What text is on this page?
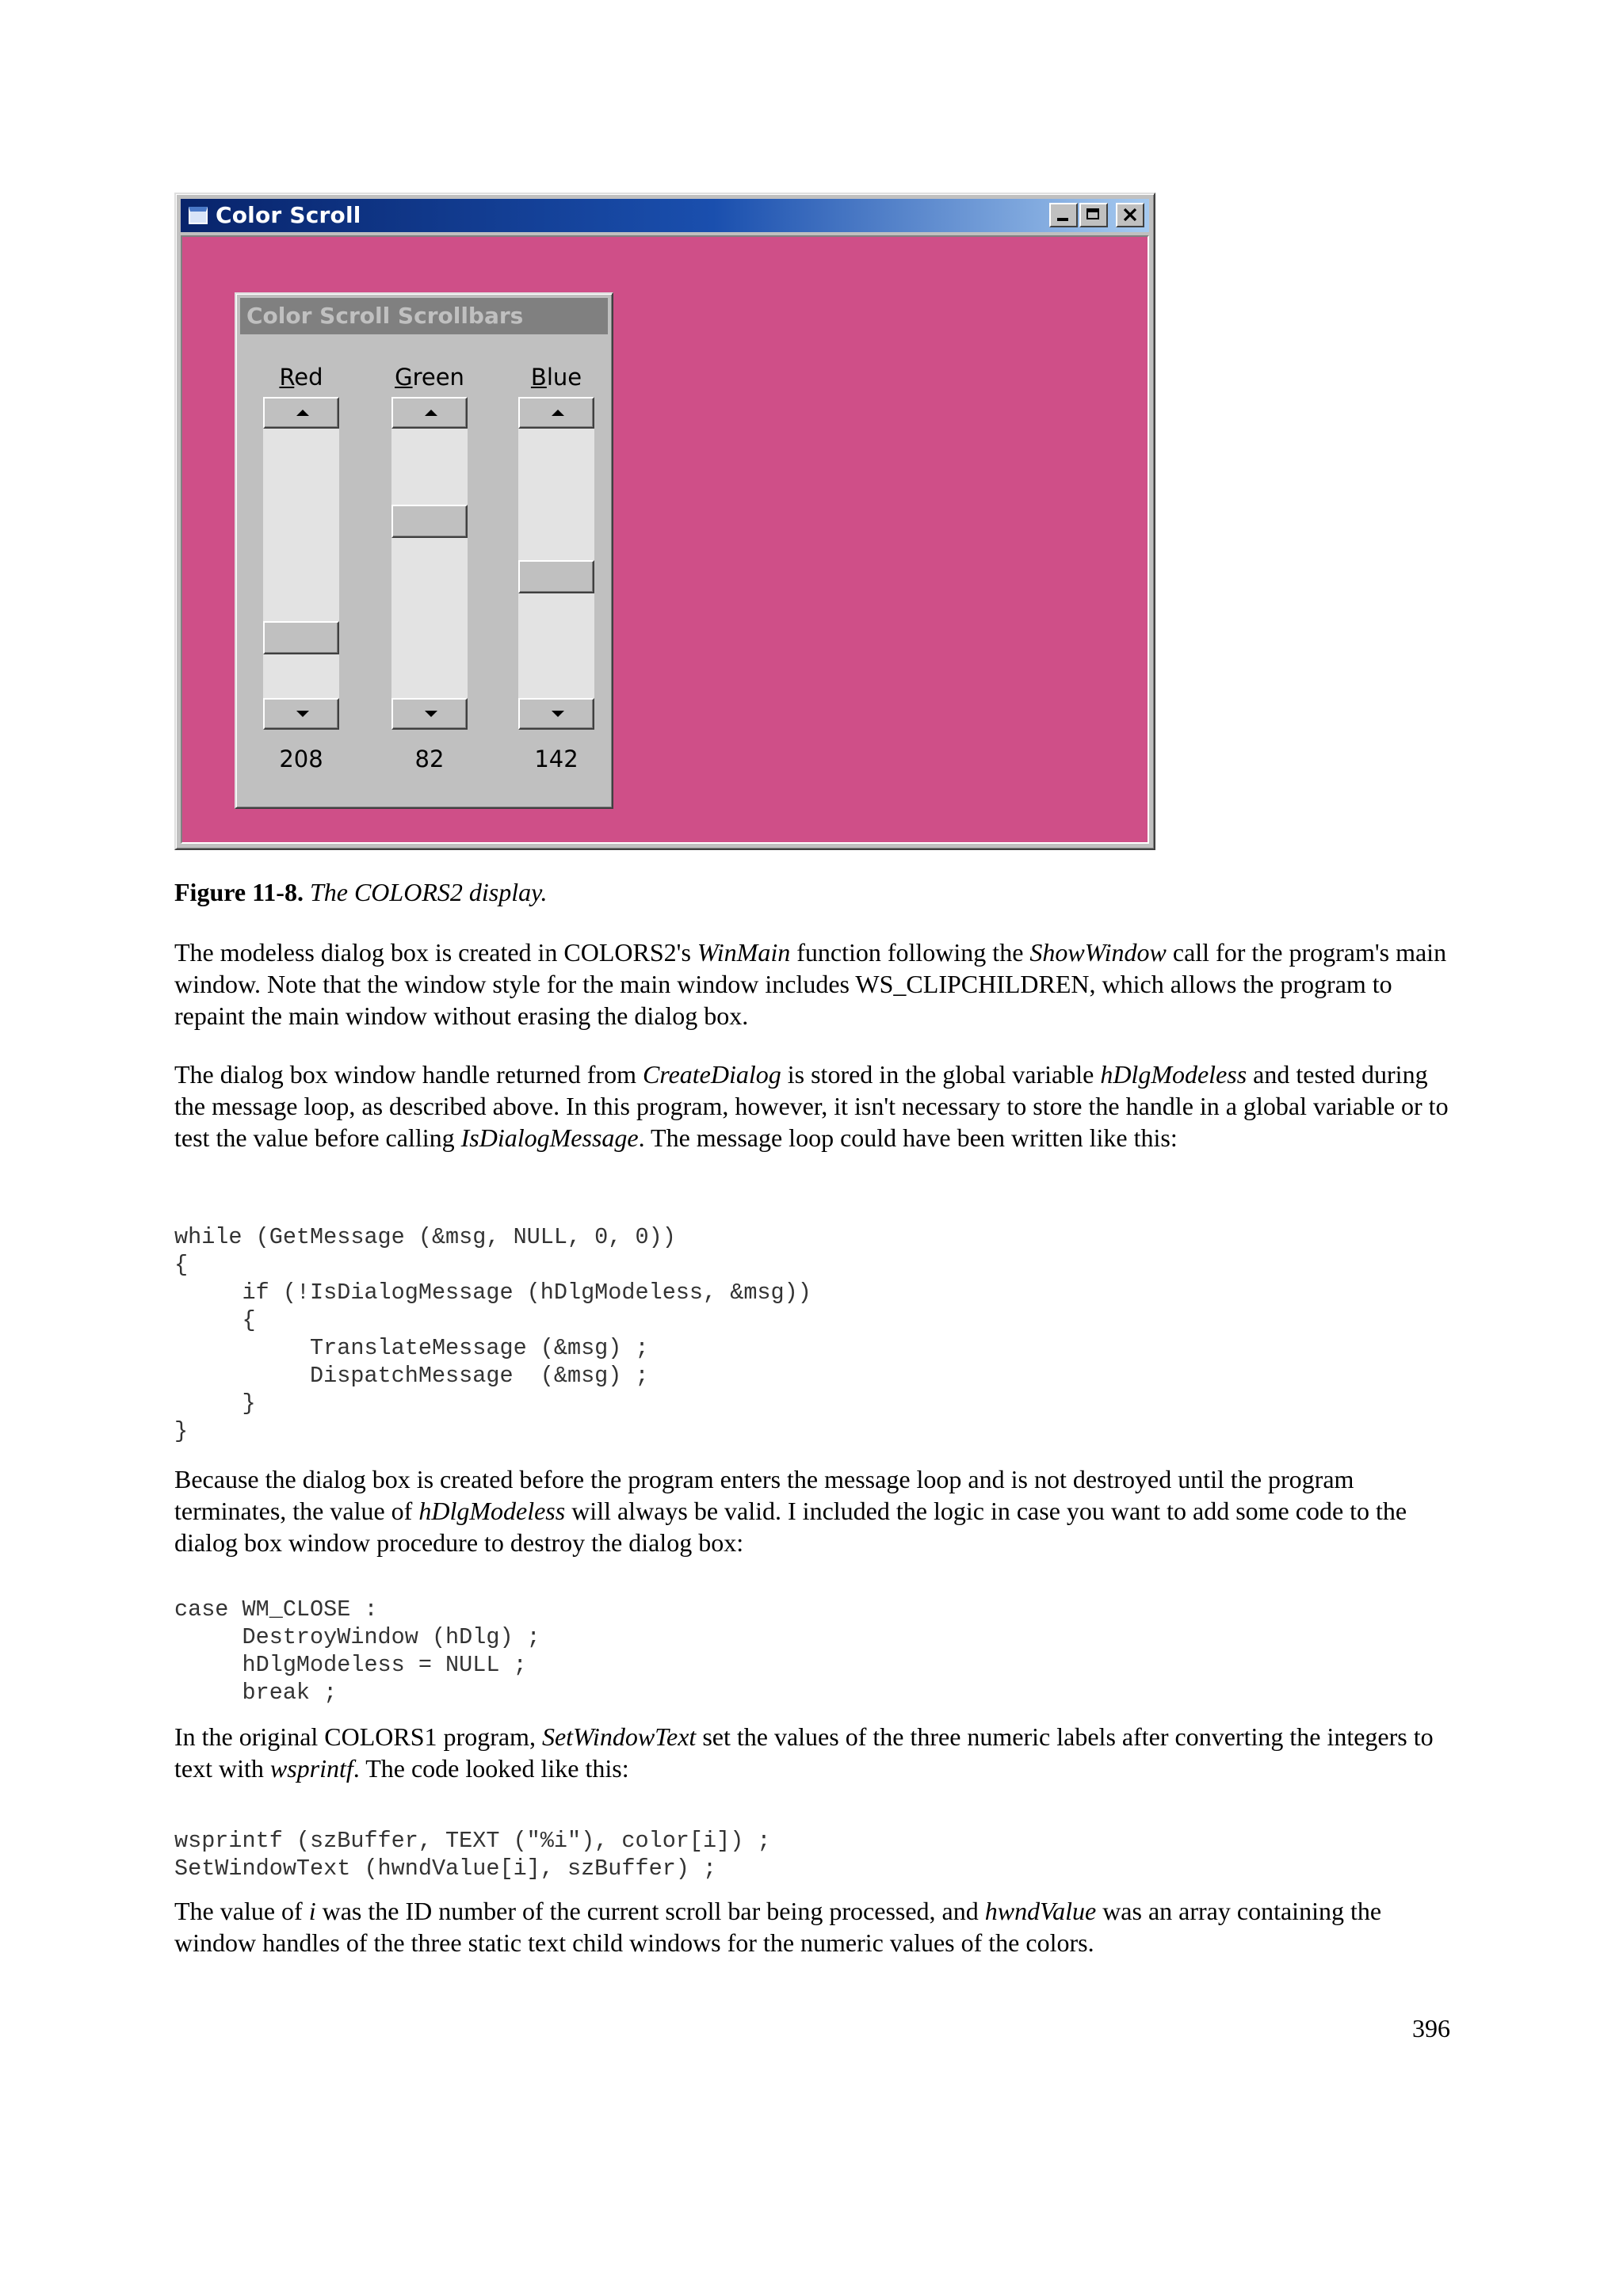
Color Scroll
Color Scroll Scrollbars
Red
208
Green
82
Blue
142
Figure 11-8. The COLORS2 display.
The modeless dialog box is created in COLORS2's WinMain function following the ShowWindow call for the program's main window. Note that the window style for the main window includes WS_CLIPCHILDREN, which allows the program to repaint the main window without erasing the dialog box.
The dialog box window handle returned from CreateDialog is stored in the global variable hDlgModeless and tested during the message loop, as described above. In this program, however, it isn't necessary to store the handle in a global variable or to test the value before calling IsDialogMessage. The message loop could have been written like this:
while (GetMessage (&msg, NULL, 0, 0))
{
if (!IsDialogMessage (hDlgModeless, &msg))
{
TranslateMessage (&msg) ;
DispatchMessage  (&msg) ;
}
}
Because the dialog box is created before the program enters the message loop and is not destroyed until the program terminates, the value of hDlgModeless will always be valid. I included the logic in case you want to add some code to the dialog box window procedure to destroy the dialog box:
case WM_CLOSE :
DestroyWindow (hDlg) ;
hDlgModeless = NULL ;
break ;
In the original COLORS1 program, SetWindowText set the values of the three numeric labels after converting the integers to text with wsprintf. The code looked like this:
wsprintf (szBuffer, TEXT ("%i"), color[i]) ;
SetWindowText (hwndValue[i], szBuffer) ;
The value of i was the ID number of the current scroll bar being processed, and hwndValue was an array containing the window handles of the three static text child windows for the numeric values of the colors.
396
